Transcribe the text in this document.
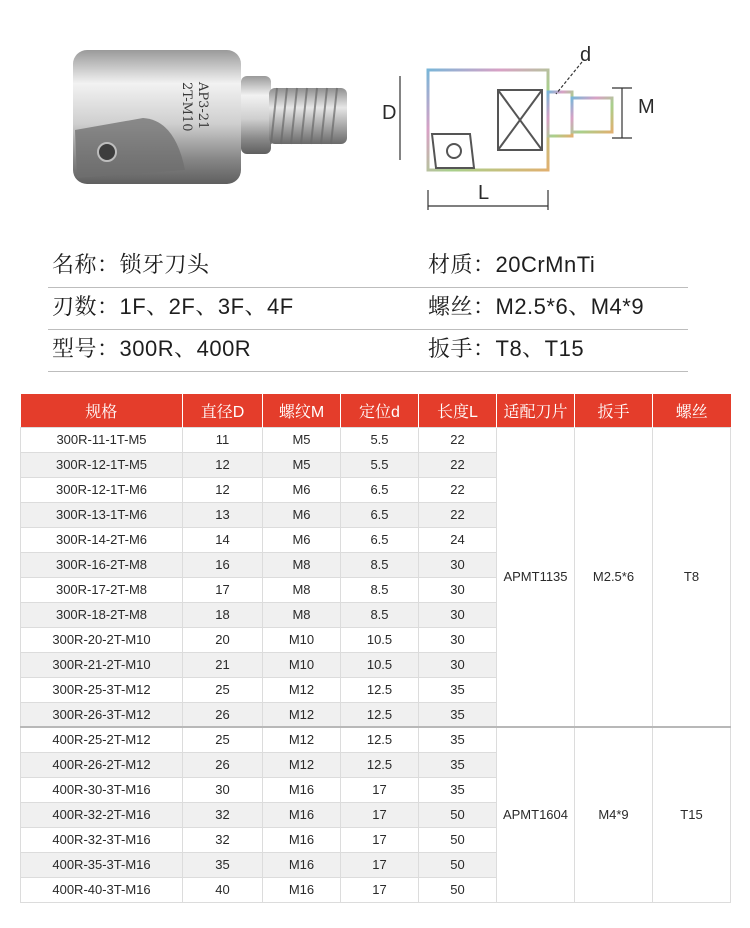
AP3-21
2T-M10
d
D	M
L
名称：锁牙刀头	材质：20CrMnTi
刃数：1F、2F、3F、4F	螺丝：M2.5*6、M4*9
型号：300R、400R	扳手：T8、T15
规格	直径D	螺纹M	定位d	长度L	适配刀片	扳手	螺丝
300R-11-1T-M5	11	M5	5.5	22	APMT1135	M2.5*6	T8
300R-12-1T-M5	12	M5	5.5	22			
300R-12-1T-M6	12	M6	6.5	22			
300R-13-1T-M6	13	M6	6.5	22			
300R-14-2T-M6	14	M6	6.5	24			
300R-16-2T-M8	16	M8	8.5	30			
300R-17-2T-M8	17	M8	8.5	30			
300R-18-2T-M8	18	M8	8.5	30			
300R-20-2T-M10	20	M10	10.5	30			
300R-21-2T-M10	21	M10	10.5	30			
300R-25-3T-M12	25	M12	12.5	35			
300R-26-3T-M12	26	M12	12.5	35			
400R-25-2T-M12	25	M12	12.5	35	APMT1604	M4*9	T15
400R-26-2T-M12	26	M12	12.5	35			
400R-30-3T-M16	30	M16	17	35			
400R-32-2T-M16	32	M16	17	50			
400R-32-3T-M16	32	M16	17	50			
400R-35-3T-M16	35	M16	17	50			
400R-40-3T-M16	40	M16	17	50			
